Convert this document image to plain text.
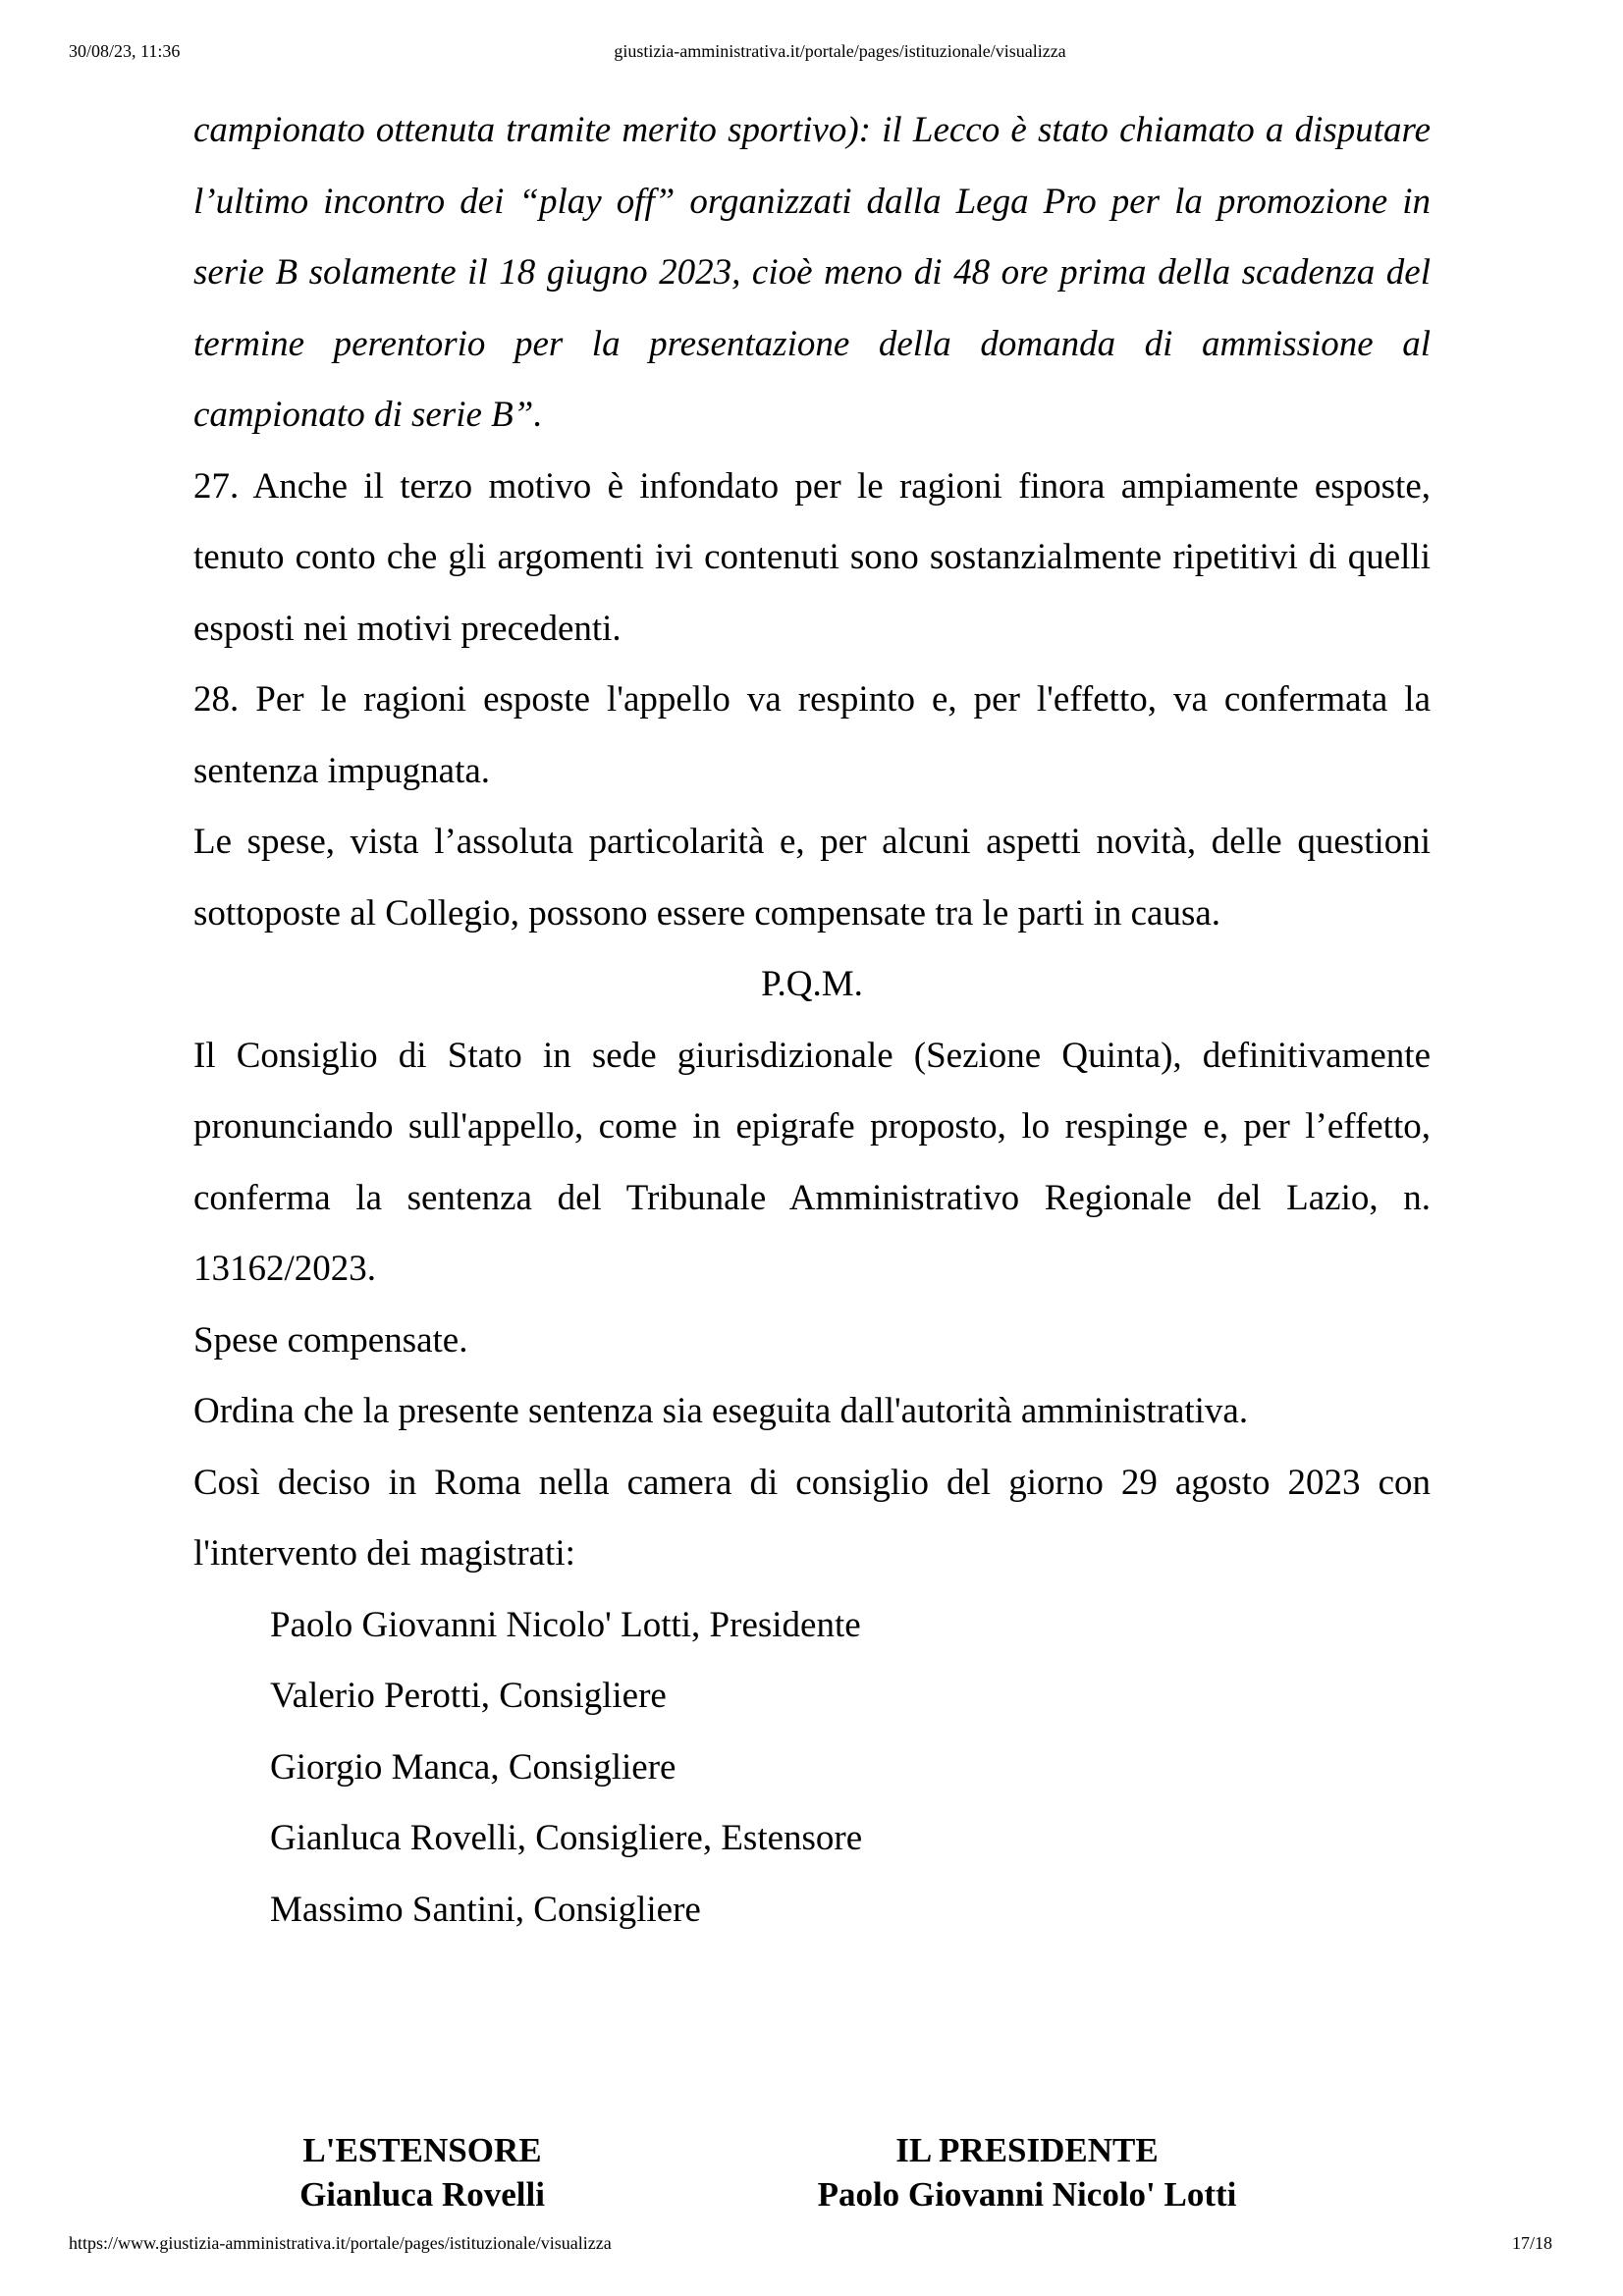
30/08/23, 11:36	giustizia-amministrativa.it/portale/pages/istituzionale/visualizza

campionato ottenuta tramite merito sportivo): il Lecco è stato chiamato a disputare l’ultimo incontro dei “play off” organizzati dalla Lega Pro per la promozione in serie B solamente il 18 giugno 2023, cioè meno di 48 ore prima della scadenza del termine perentorio per la presentazione della domanda di ammissione al campionato di serie B”.

27. Anche il terzo motivo è infondato per le ragioni finora ampiamente esposte, tenuto conto che gli argomenti ivi contenuti sono sostanzialmente ripetitivi di quelli esposti nei motivi precedenti.

28. Per le ragioni esposte l'appello va respinto e, per l'effetto, va confermata la sentenza impugnata.

Le spese, vista l’assoluta particolarità e, per alcuni aspetti novità, delle questioni sottoposte al Collegio, possono essere compensate tra le parti in causa.

P.Q.M.

Il Consiglio di Stato in sede giurisdizionale (Sezione Quinta), definitivamente pronunciando sull'appello, come in epigrafe proposto, lo respinge e, per l’effetto, conferma la sentenza del Tribunale Amministrativo Regionale del Lazio, n. 13162/2023.

Spese compensate.

Ordina che la presente sentenza sia eseguita dall'autorità amministrativa.

Così deciso in Roma nella camera di consiglio del giorno 29 agosto 2023 con l'intervento dei magistrati:

Paolo Giovanni Nicolo' Lotti, Presidente
Valerio Perotti, Consigliere
Giorgio Manca, Consigliere
Gianluca Rovelli, Consigliere, Estensore
Massimo Santini, Consigliere
L'ESTENSORE
Gianluca Rovelli
IL PRESIDENTE
Paolo Giovanni Nicolo' Lotti
https://www.giustizia-amministrativa.it/portale/pages/istituzionale/visualizza	17/18
